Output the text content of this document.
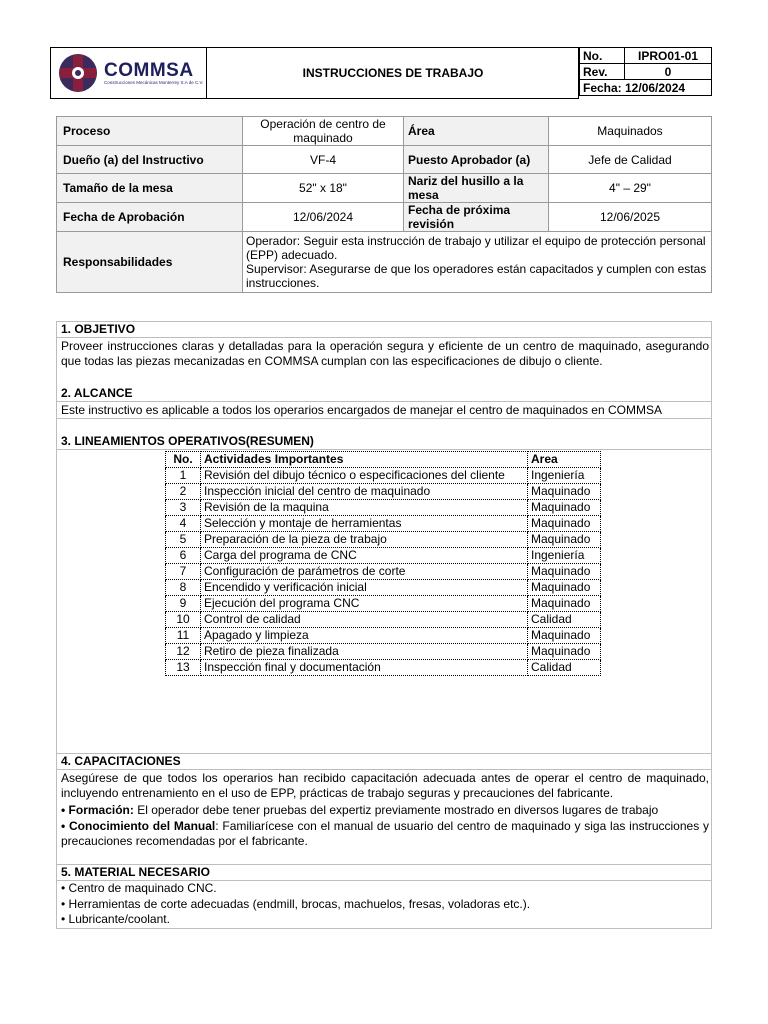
COMMSA
Construcciones Mecánicas Monterrey S.A de C.V.
INSTRUCCIONES DE TRABAJO
No.	IPRO01-01
Rev.	0
Fecha: 12/06/2024	
Proceso	Operación de centro de maquinado	Área	Maquinados
Dueño (a) del Instructivo	VF-4	Puesto Aprobador (a)	Jefe de Calidad
Tamaño de la mesa	52" x 18"	Nariz del husillo a la mesa	4" – 29"
Fecha de Aprobación	12/06/2024	Fecha de próxima revisión	12/06/2025
Responsabilidades	Operador: Seguir esta instrucción de trabajo y utilizar el equipo de protección personal (EPP) adecuado.
Supervisor: Asegurarse de que los operadores están capacitados y cumplen con estas instrucciones.		
1. OBJETIVO
Proveer instrucciones claras y detalladas para la operación segura y eficiente de un centro de maquinado, asegurando que todas las piezas mecanizadas en COMMSA cumplan con las especificaciones de dibujo o cliente.
2. ALCANCE
Este instructivo es aplicable a todos los operarios encargados de manejar el centro de maquinados en COMMSA
3. LINEAMIENTOS OPERATIVOS(RESUMEN)
No.	Actividades Importantes	Area
1	Revisión del dibujo técnico o especificaciones del cliente	Ingeniería
2	Inspección inicial del centro de maquinado	Maquinado
3	Revisión de la maquina	Maquinado
4	Selección y montaje de herramientas	Maquinado
5	Preparación de la pieza de trabajo	Maquinado
6	Carga del programa de CNC	Ingeniería
7	Configuración de parámetros de corte	Maquinado
8	Encendido y verificación inicial	Maquinado
9	Ejecución del programa CNC	Maquinado
10	Control de calidad	Calidad
11	Apagado y limpieza	Maquinado
12	Retiro de pieza finalizada	Maquinado
13	Inspección final y documentación	Calidad
4. CAPACITACIONES
Asegúrese de que todos los operarios han recibido capacitación adecuada antes de operar el centro de maquinado, incluyendo entrenamiento en el uso de EPP, prácticas de trabajo seguras y precauciones del fabricante.
• Formación: El operador debe tener pruebas del expertiz previamente mostrado en diversos lugares de trabajo
• Conocimiento del Manual: Familiarícese con el manual de usuario del centro de maquinado y siga las instrucciones y precauciones recomendadas por el fabricante.
5. MATERIAL NECESARIO
• Centro de maquinado CNC.
• Herramientas de corte adecuadas (endmill, brocas, machuelos, fresas, voladoras etc.).
• Lubricante/coolant.
